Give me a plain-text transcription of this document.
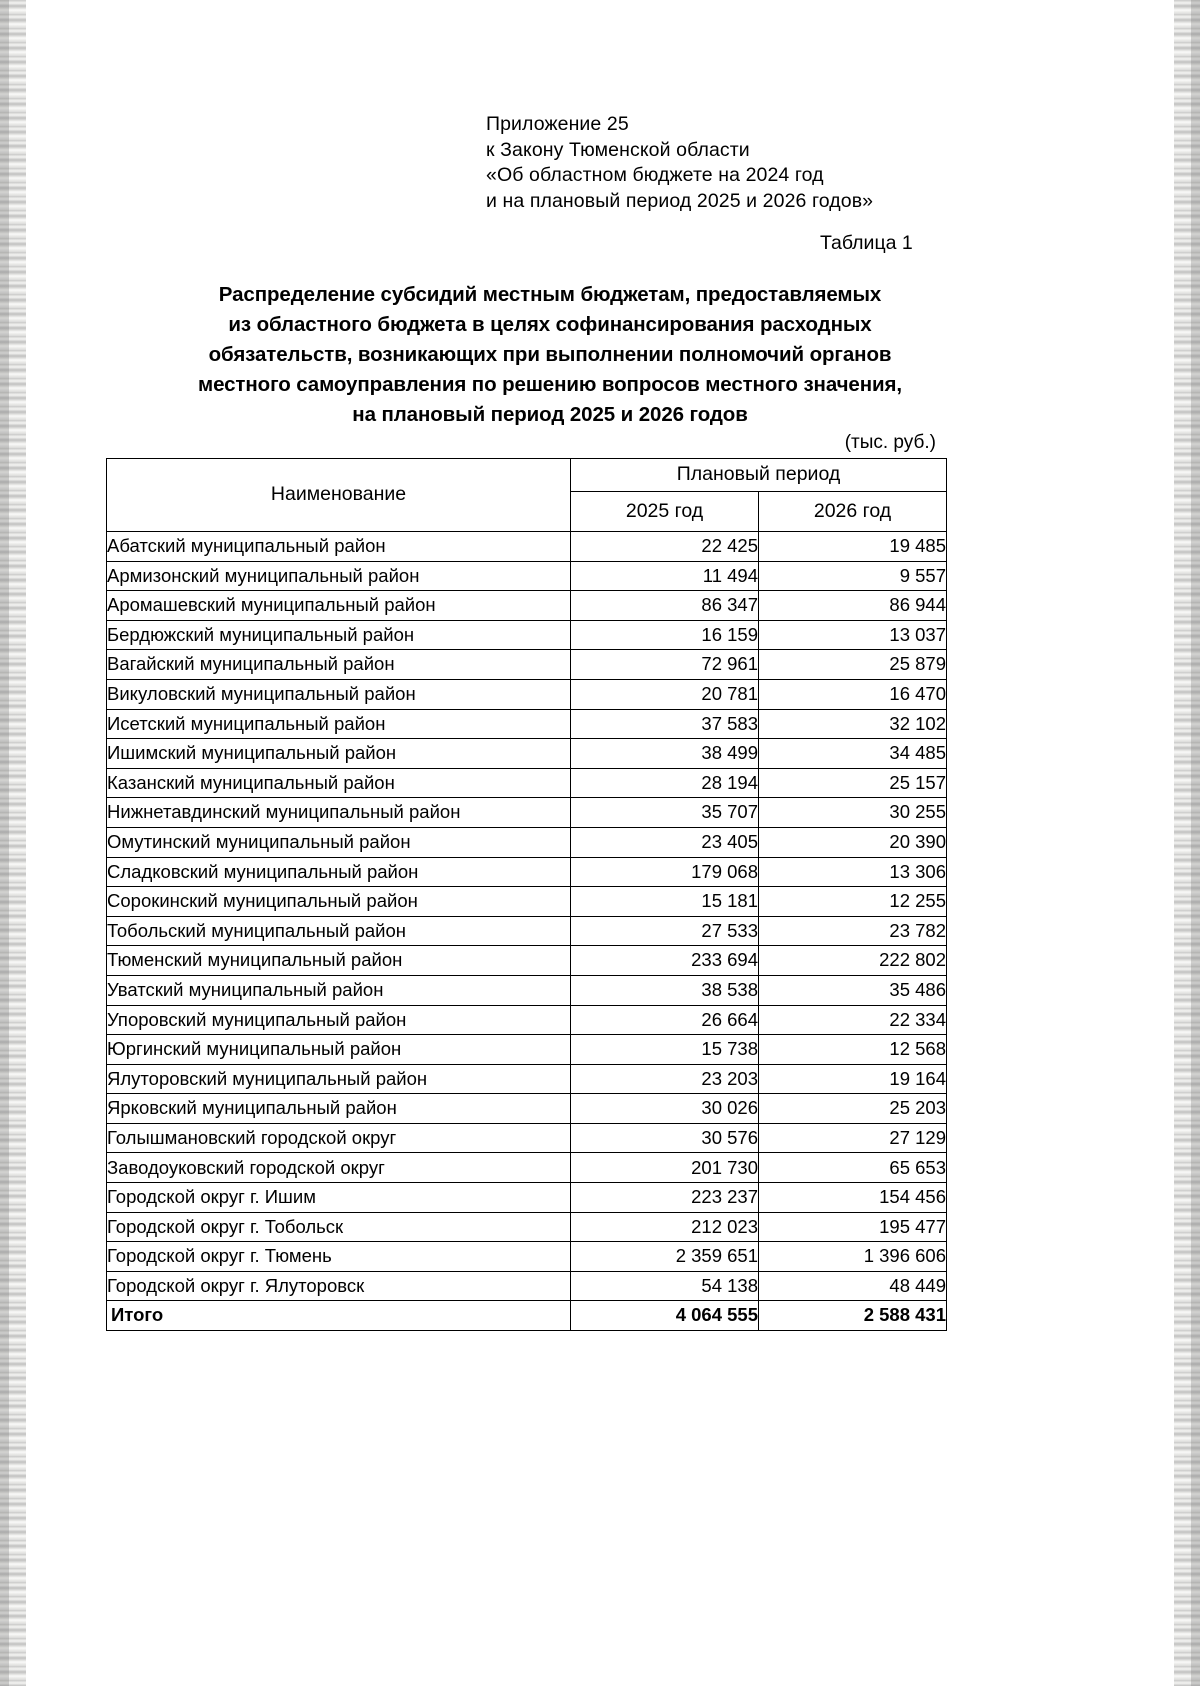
Приложение 25
к Закону Тюменской области
«Об областном бюджете на 2024 год
и на плановый период 2025 и 2026 годов»
Таблица 1
Распределение субсидий местным бюджетам, предоставляемых
из областного бюджета в целях софинансирования расходных
обязательств, возникающих при выполнении полномочий органов
местного самоуправления по решению вопросов местного значения,
на плановый период 2025 и 2026 годов
(тыс. руб.)
Наименование	Плановый период	
	2025 год	2026 год
Абатский муниципальный район	22 425	19 485
Армизонский муниципальный район	11 494	9 557
Аромашевский муниципальный район	86 347	86 944
Бердюжский муниципальный район	16 159	13 037
Вагайский муниципальный район	72 961	25 879
Викуловский муниципальный район	20 781	16 470
Исетский муниципальный район	37 583	32 102
Ишимский муниципальный район	38 499	34 485
Казанский муниципальный район	28 194	25 157
Нижнетавдинский муниципальный район	35 707	30 255
Омутинский муниципальный район	23 405	20 390
Сладковский муниципальный район	179 068	13 306
Сорокинский муниципальный район	15 181	12 255
Тобольский муниципальный район	27 533	23 782
Тюменский муниципальный район	233 694	222 802
Уватский муниципальный район	38 538	35 486
Упоровский муниципальный район	26 664	22 334
Юргинский муниципальный район	15 738	12 568
Ялуторовский муниципальный район	23 203	19 164
Ярковский муниципальный район	30 026	25 203
Голышмановский городской округ	30 576	27 129
Заводоуковский городской округ	201 730	65 653
Городской округ г. Ишим	223 237	154 456
Городской округ г. Тобольск	212 023	195 477
Городской округ г. Тюмень	2 359 651	1 396 606
Городской округ г. Ялуторовск	54 138	48 449
Итого	4 064 555	2 588 431
